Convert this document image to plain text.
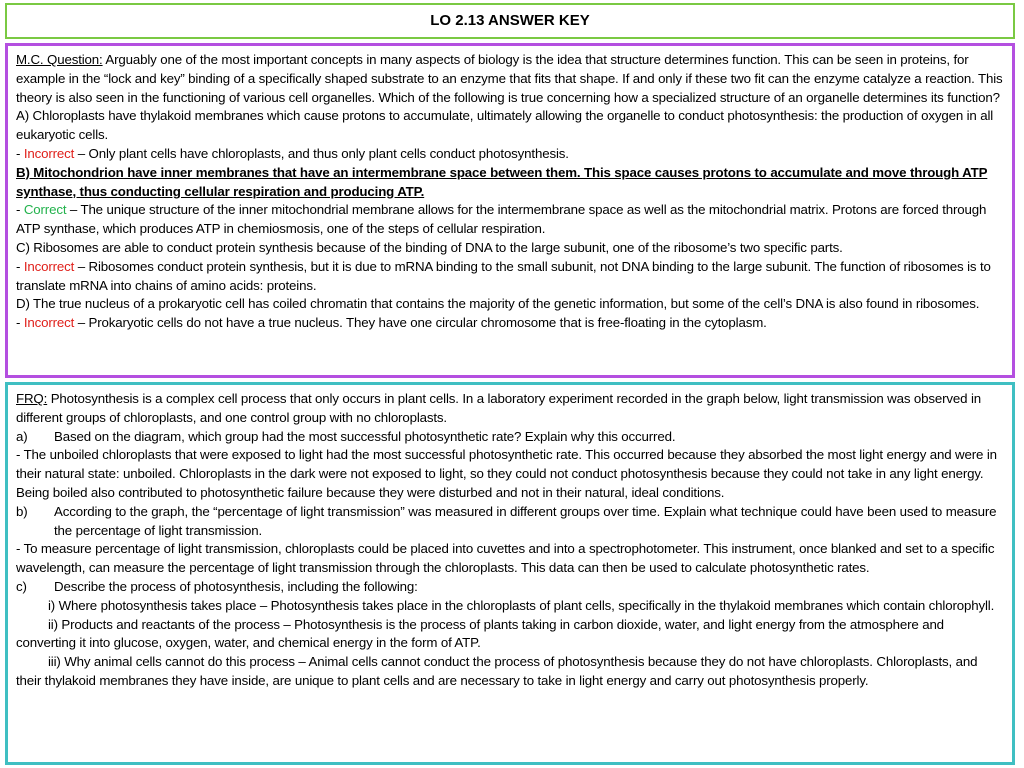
LO 2.13 ANSWER KEY

M.C. Question: Arguably one of the most important concepts in many aspects of biology is the idea that structure determines function. This can be seen in proteins, for example in the “lock and key” binding of a specifically shaped substrate to an enzyme that fits that shape. If and only if these two fit can the enzyme catalyze a reaction. This theory is also seen in the functioning of various cell organelles. Which of the following is true concerning how a specialized structure of an organelle determines its function?

A) Chloroplasts have thylakoid membranes which cause protons to accumulate, ultimately allowing the organelle to conduct photosynthesis: the production of oxygen in all eukaryotic cells.

- Incorrect – Only plant cells have chloroplasts, and thus only plant cells conduct photosynthesis.

B) Mitochondrion have inner membranes that have an intermembrane space between them. This space causes protons to accumulate and move through ATP synthase, thus conducting cellular respiration and producing ATP.

- Correct – The unique structure of the inner mitochondrial membrane allows for the intermembrane space as well as the mitochondrial matrix. Protons are forced through ATP synthase, which produces ATP in chemiosmosis, one of the steps of cellular respiration.

C) Ribosomes are able to conduct protein synthesis because of the binding of DNA to the large subunit, one of the ribosome’s two specific parts.

- Incorrect – Ribosomes conduct protein synthesis, but it is due to mRNA binding to the small subunit, not DNA binding to the large subunit. The function of ribosomes is to translate mRNA into chains of amino acids: proteins.

D) The true nucleus of a prokaryotic cell has coiled chromatin that contains the majority of the genetic information, but some of the cell’s DNA is also found in ribosomes.

- Incorrect – Prokaryotic cells do not have a true nucleus. They have one circular chromosome that is free-floating in the cytoplasm.

FRQ: Photosynthesis is a complex cell process that only occurs in plant cells. In a laboratory experiment recorded in the graph below, light transmission was observed in different groups of chloroplasts, and one control group with no chloroplasts.

a) Based on the diagram, which group had the most successful photosynthetic rate? Explain why this occurred.

- The unboiled chloroplasts that were exposed to light had the most successful photosynthetic rate. This occurred because they absorbed the most light energy and were in their natural state: unboiled. Chloroplasts in the dark were not exposed to light, so they could not conduct photosynthesis because they could not take in any light energy. Being boiled also contributed to photosynthetic failure because they were disturbed and not in their natural, ideal conditions.

b) According to the graph, the “percentage of light transmission” was measured in different groups over time. Explain what technique could have been used to measure the percentage of light transmission.

- To measure percentage of light transmission, chloroplasts could be placed into cuvettes and into a spectrophotometer. This instrument, once blanked and set to a specific wavelength, can measure the percentage of light transmission through the chloroplasts. This data can then be used to calculate photosynthetic rates.

c) Describe the process of photosynthesis, including the following:

i) Where photosynthesis takes place – Photosynthesis takes place in the chloroplasts of plant cells, specifically in the thylakoid membranes which contain chlorophyll.

ii) Products and reactants of the process – Photosynthesis is the process of plants taking in carbon dioxide, water, and light energy from the atmosphere and converting it into glucose, oxygen, water, and chemical energy in the form of ATP.

iii) Why animal cells cannot do this process – Animal cells cannot conduct the process of photosynthesis because they do not have chloroplasts. Chloroplasts, and their thylakoid membranes they have inside, are unique to plant cells and are necessary to take in light energy and carry out photosynthesis properly.
